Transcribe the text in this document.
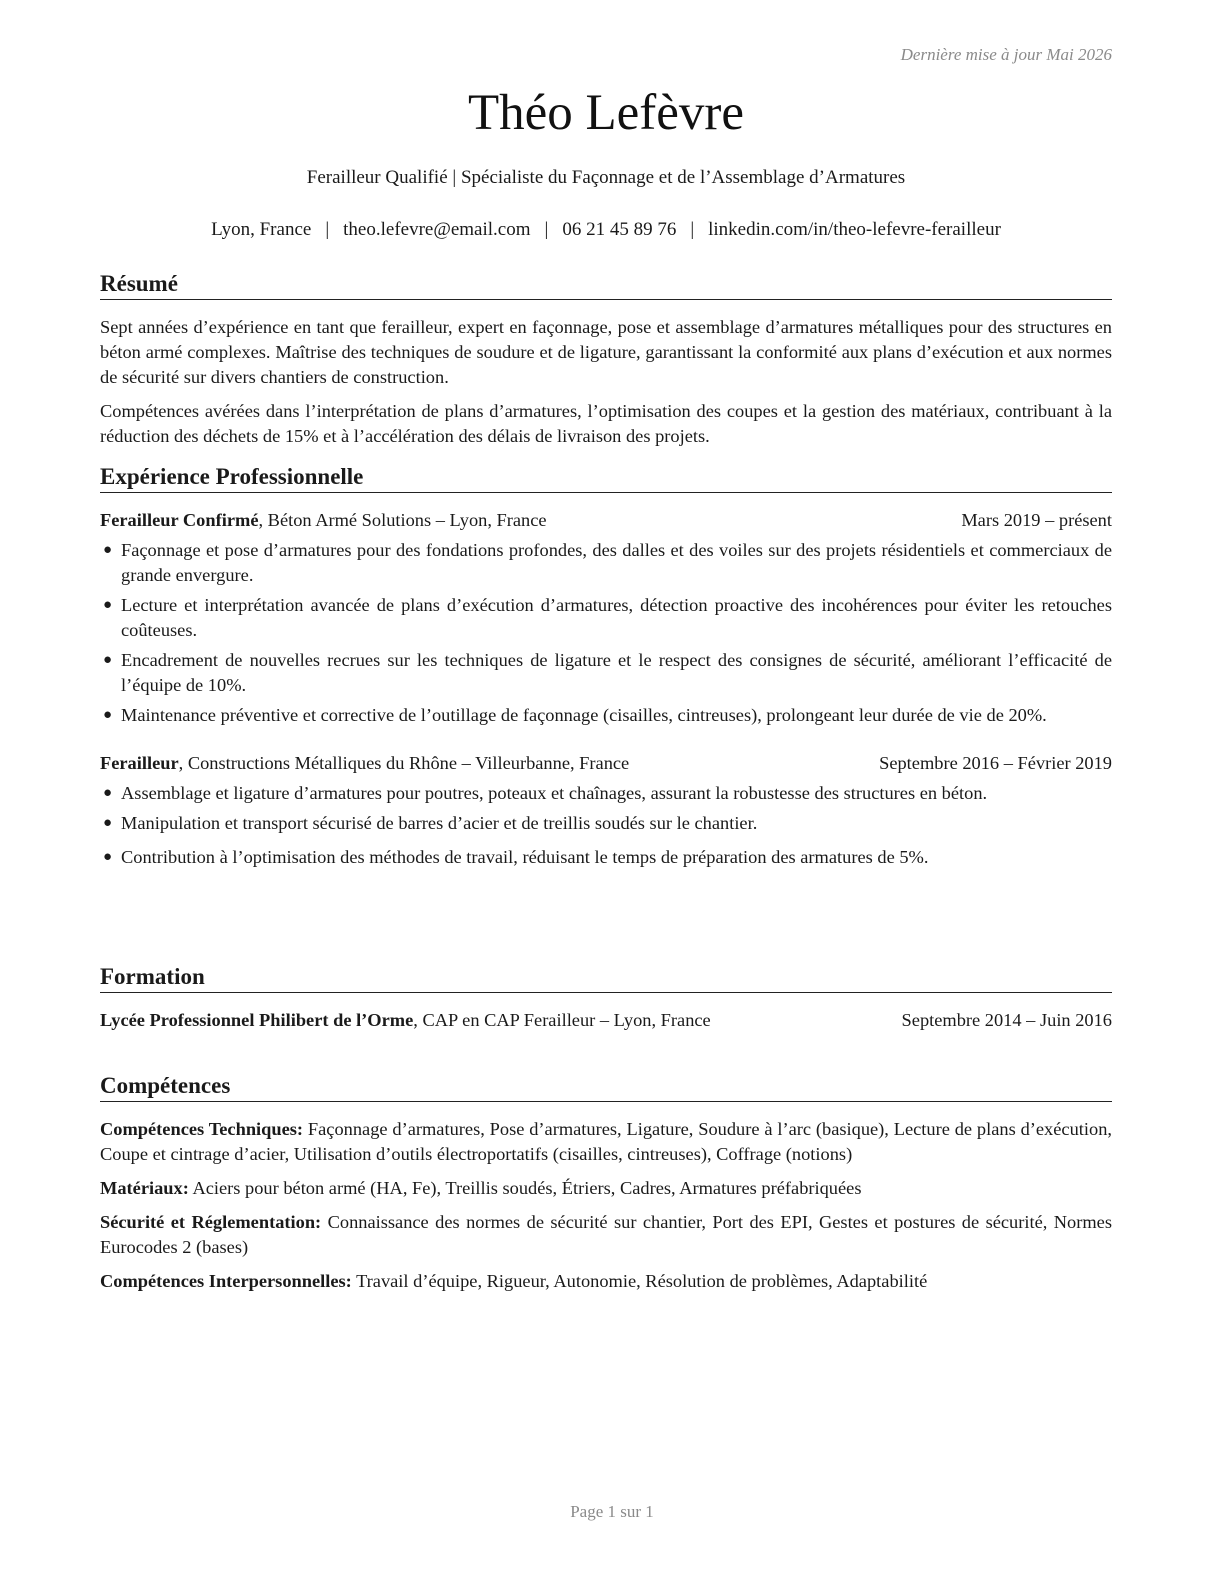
Dernière mise à jour Mai 2026
Théo Lefèvre
Ferailleur Qualifié | Spécialiste du Façonnage et de l’Assemblage d’Armatures
Lyon, France | theo.lefevre@email.com | 06 21 45 89 76 | linkedin.com/in/theo-lefevre-ferailleur
Résumé

Sept années d’expérience en tant que ferailleur, expert en façonnage, pose et assemblage d’armatures métalliques pour des structures en béton armé complexes. Maîtrise des techniques de soudure et de ligature, garantissant la conformité aux plans d’exécution et aux normes de sécurité sur divers chantiers de construction.

Compétences avérées dans l’interprétation de plans d’armatures, l’optimisation des coupes et la gestion des matériaux, contribuant à la réduction des déchets de 15% et à l’accélération des délais de livraison des projets.

Expérience Professionnelle
Ferailleur Confirmé, Béton Armé Solutions – Lyon, France	Mars 2019 – présent
● Façonnage et pose d’armatures pour des fondations profondes, des dalles et des voiles sur des projets résidentiels et commerciaux de grande envergure.
● Lecture et interprétation avancée de plans d’exécution d’armatures, détection proactive des incohérences pour éviter les retouches coûteuses.
● Encadrement de nouvelles recrues sur les techniques de ligature et le respect des consignes de sécurité, améliorant l’efficacité de l’équipe de 10%.
● Maintenance préventive et corrective de l’outillage de façonnage (cisailles, cintreuses), prolongeant leur durée de vie de 20%.
Ferailleur, Constructions Métalliques du Rhône – Villeurbanne, France	Septembre 2016 – Février 2019
● Assemblage et ligature d’armatures pour poutres, poteaux et chaînages, assurant la robustesse des structures en béton.
● Manipulation et transport sécurisé de barres d’acier et de treillis soudés sur le chantier.
● Contribution à l’optimisation des méthodes de travail, réduisant le temps de préparation des armatures de 5%.
Formation
Lycée Professionnel Philibert de l’Orme, CAP en CAP Ferailleur – Lyon, France	Septembre 2014 – Juin 2016
Compétences

Compétences Techniques: Façonnage d’armatures, Pose d’armatures, Ligature, Soudure à l’arc (basique), Lecture de plans d’exécution, Coupe et cintrage d’acier, Utilisation d’outils électroportatifs (cisailles, cintreuses), Coffrage (notions)

Matériaux: Aciers pour béton armé (HA, Fe), Treillis soudés, Étriers, Cadres, Armatures préfabriquées

Sécurité et Réglementation: Connaissance des normes de sécurité sur chantier, Port des EPI, Gestes et postures de sécurité, Normes Eurocodes 2 (bases)

Compétences Interpersonnelles: Travail d’équipe, Rigueur, Autonomie, Résolution de problèmes, Adaptabilité

Page 1 sur 1
